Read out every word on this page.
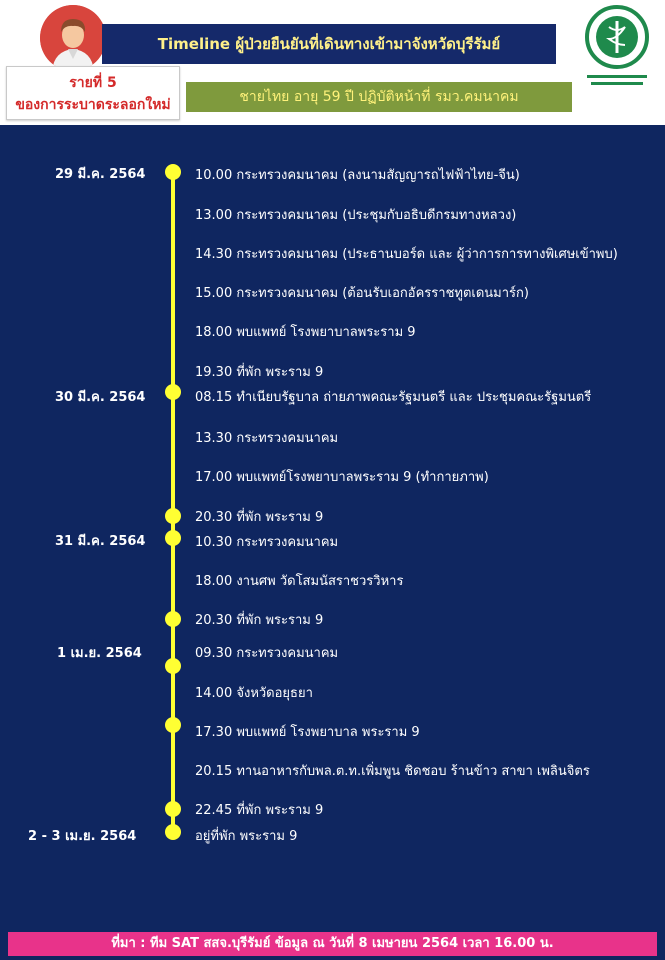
Timeline ผู้ป่วยยืนยันที่เดินทางเข้ามาจังหวัดบุรีรัมย์
รายที่ 5
ของการระบาดระลอกใหม่	ชายไทย อายุ 59 ปี ปฏิบัติหน้าที่ รมว.คมนาคม
29 มี.ค. 2564
30 มี.ค. 2564
31 มี.ค. 2564
1 เม.ย. 2564
2 - 3 เม.ย. 2564
10.00 กระทรวงคมนาคม (ลงนามสัญญารถไฟฟ้าไทย-จีน)
13.00 กระทรวงคมนาคม (ประชุมกับอธิบดีกรมทางหลวง)
14.30 กระทรวงคมนาคม (ประธานบอร์ด และ ผู้ว่าการการทางพิเศษเข้าพบ)
15.00 กระทรวงคมนาคม (ต้อนรับเอกอัครราชทูตเดนมาร์ก)
18.00 พบแพทย์ โรงพยาบาลพระราม 9
19.30 ที่พัก พระราม 9
08.15 ทำเนียบรัฐบาล ถ่ายภาพคณะรัฐมนตรี และ ประชุมคณะรัฐมนตรี
13.30 กระทรวงคมนาคม
17.00 พบแพทย์โรงพยาบาลพระราม 9 (ทำกายภาพ)
20.30 ที่พัก พระราม 9
10.30 กระทรวงคมนาคม
18.00 งานศพ วัดโสมนัสราชวรวิหาร
20.30 ที่พัก พระราม 9
09.30 กระทรวงคมนาคม
14.00 จังหวัดอยุธยา
17.30 พบแพทย์ โรงพยาบาล พระราม 9
20.15 ทานอาหารกับพล.ต.ท.เพิ่มพูน ชิดชอบ ร้านข้าว สาขา เพลินจิตร
22.45 ที่พัก พระราม 9
อยู่ที่พัก พระราม 9
ที่มา : ทีม SAT สสจ.บุรีรัมย์ ข้อมูล ณ วันที่ 8 เมษายน 2564 เวลา 16.00 น.
